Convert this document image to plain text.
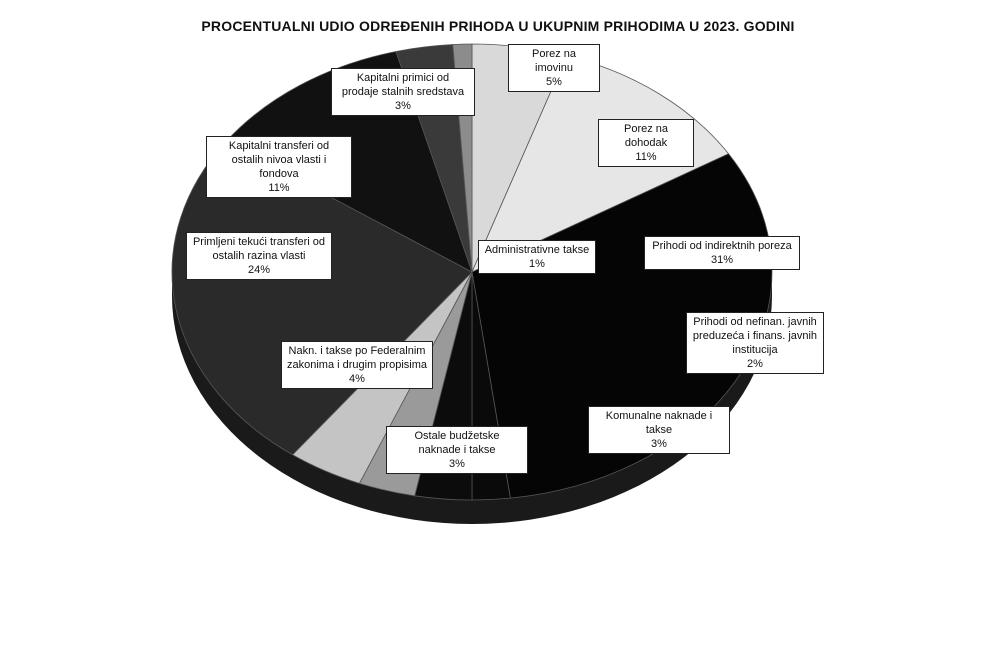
PROCENTUALNI UDIO ODREĐENIH PRIHODA U UKUPNIM PRIHODIMA U 2023. GODINI
Porez na imovinu
5%
Porez na dohodak
11%
Prihodi od indirektnih poreza
31%
Prihodi od nefinan. javnih preduzeća i finans. javnih institucija
2%
Komunalne naknade i takse
3%
Ostale budžetske naknade i takse
3%
Nakn. i takse po Federalnim zakonima i drugim propisima
4%
Primljeni tekući transferi od ostalih razina vlasti
24%
Kapitalni transferi od ostalih nivoa vlasti i fondova
11%
Kapitalni primici od prodaje stalnih sredstava
3%
Administrativne takse
1%
